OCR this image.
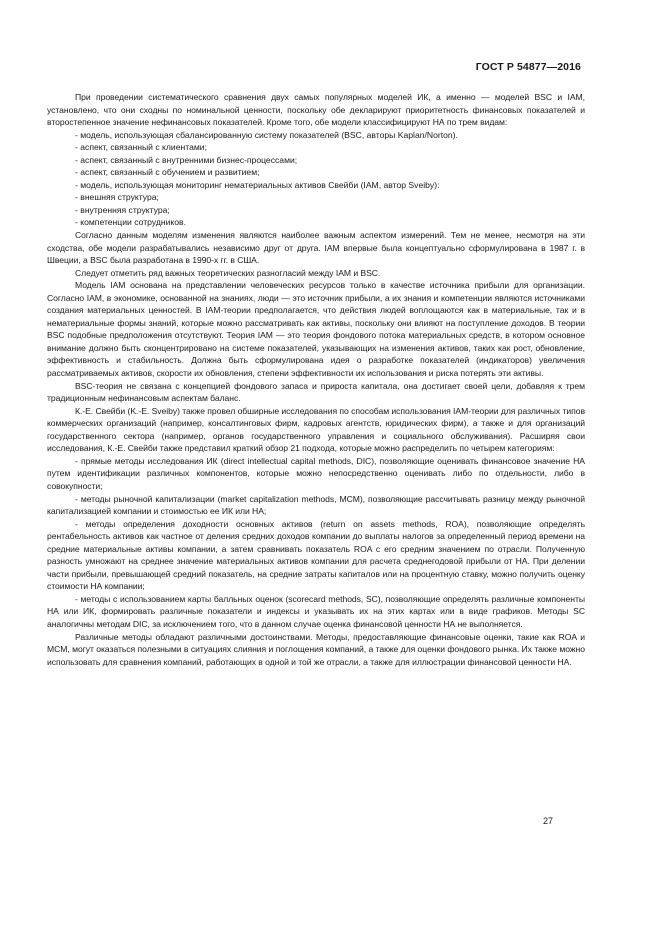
ГОСТ Р 54877—2016

При проведении систематического сравнения двух самых популярных моделей ИК, а именно — моделей BSC и IAM, установлено, что они сходны по номинальной ценности, поскольку обе декларируют приоритетность финансовых показателей и второстепенное значение нефинансовых показателей. Кроме того, обе модели классифицируют НА по трем видам:

- модель, использующая сбалансированную систему показателей (BSC, авторы Kaplan/Norton).

- аспект, связанный с клиентами;

- аспект, связанный с внутренними бизнес-процессами;

- аспект, связанный с обучением и развитием;

- модель, использующая мониторинг нематериальных активов Свейби (IAM, автор Sveiby):

- внешняя структура;

- внутренняя структура;

- компетенции сотрудников.

Согласно данным моделям изменения являются наиболее важным аспектом измерений. Тем не менее, несмотря на эти сходства, обе модели разрабатывались независимо друг от друга. IAM впервые была концептуально сформулирована в 1987 г. в Швеции, а BSC была разработана в 1990-х гг. в США.

Следует отметить ряд важных теоретических разногласий между IAM и BSC.

Модель IAM основана на представлении человеческих ресурсов только в качестве источника прибыли для организации. Согласно IAM, в экономике, основанной на знаниях, люди — это источник прибыли, а их знания и компетенции являются источниками создания материальных ценностей. В IAM-теории предполагается, что действия людей воплощаются как в материальные, так и в нематериальные формы знаний, которые можно рассматривать как активы, поскольку они влияют на поступление доходов. В теории BSC подобные предположения отсутствуют. Теория IAM — это теория фондового потока материальных средств, в котором основное внимание должно быть сконцентрировано на системе показателей, указывающих на изменения активов, таких как рост, обновление, эффективность и стабильность. Должна быть сформулирована идея о разработке показателей (индикаторов) увеличения рассматриваемых активов, скорости их обновления, степени эффективности их использования и риска потерять эти активы.

BSC-теория не связана с концепцией фондового запаса и прироста капитала, она достигает своей цели, добавляя к трем традиционным нефинансовым аспектам баланс.

К.-Е. Свейби (K.-E. Sveiby) также провел обширные исследования по способам использования IAM-теории для различных типов коммерческих организаций (например, консалтинговых фирм, кадровых агентств, юридических фирм), а также и для организаций государственного сектора (например, органов государственного управления и социального обслуживания). Расширяя свои исследования, К.-Е. Свейби также представил краткий обзор 21 подхода, которые можно распределить по четырем категориям:

- прямые методы исследования ИК (direct intellectual capital methods, DIC), позволяющие оценивать финансовое значение НА путем идентификации различных компонентов, которые можно непосредственно оценивать либо по отдельности, либо в совокупности;

- методы рыночной капитализации (market capitalization methods, MCM), позволяющие рассчитывать разницу между рыночной капитализацией компании и стоимостью ее ИК или НА;

- методы определения доходности основных активов (return on assets methods, ROA), позволяющие определять рентабельность активов как частное от деления средних доходов компании до выплаты налогов за определенный период времени на средние материальные активы компании, а затем сравнивать показатель ROA с его средним значением по отрасли. Полученную разность умножают на среднее значение материальных активов компании для расчета среднегодовой прибыли от НА. При делении части прибыли, превышающей средний показатель, на средние затраты капиталов или на процентную ставку, можно получить оценку стоимости НА компании;

- методы с использованием карты балльных оценок (scorecard methods, SC), позволяющие определять различные компоненты НА или ИК, формировать различные показатели и индексы и указывать их на этих картах или в виде графиков. Методы SC аналогичны методам DIC, за исключением того, что в данном случае оценка финансовой ценности НА не выполняется.

Различные методы обладают различными достоинствами. Методы, предоставляющие финансовые оценки, такие как ROA и MCM, могут оказаться полезными в ситуациях слияния и поглощения компаний, а также для оценки фондового рынка. Их также можно использовать для сравнения компаний, работающих в одной и той же отрасли, а также для иллюстрации финансовой ценности НА.

27
